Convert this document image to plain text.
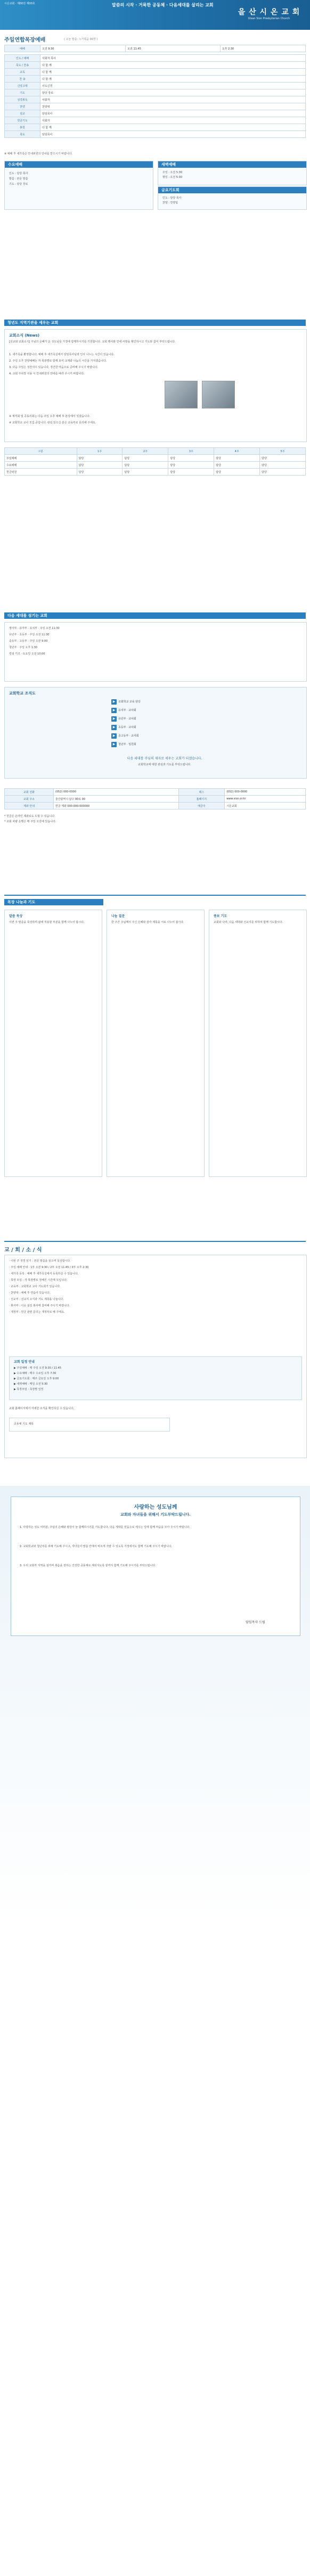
시온교회 · 제00권 제00호	말씀의 시작 · 거룩한 공동체 · 다음세대를 살리는 교회
을 산 시 온 교 회
Ulsan Sion Presbyterian Church
주일연합목장예배	( 오늘 말씀: 누가복음 00장 )
예배	오전 9:30	오전 11:45	오후 2:30
인도 / 예배	사회자 목사
묵도 / 찬송	다 함 께
교독	다 함 께
찬 송	다 함 께
신앙고백	사도신경
기도	담당 장로
성경봉독	사회자
찬양	찬양대
설교	담임목사
헌금기도	사회자
봉헌	다 함 께
축도	담임목사
※ 예배 후 새가족은 안내위원의 안내를 받으시기 바랍니다.
수요예배
인도 : 담당 목사
말씀 : 본문 말씀
기도 : 담당 장로
새벽예배
주일 : 오전 5:30
평일 : 오전 5:30
금요기도회
인도 : 담당 목사
찬양 : 찬양팀
청년도 지역기관을 세우는 교회
교회소식 (News)
[선교와 교회소식] 주님의 은혜가 온 성도님들 가정에 함께하시기를 기원합니다. 교회 행사와 안내 사항을 확인하시고 기도와 참여 부탁드립니다.
1. 새가족을 환영합니다. 예배 후 새가족실에서 담임목사님과 인사 나누는 시간이 있습니다.
2. 주일 오후 찬양예배는 각 목장별로 함께 모여 교제와 나눔의 시간을 가지겠습니다.
3. 다음 주일은 성찬식이 있습니다. 경건한 마음으로 준비해 주시기 바랍니다.
4. 교회 주차장 이용 시 안내위원의 안내를 따라 주시기 바랍니다.
※ 제직회 및 공동의회는 다음 주일 오후 예배 후 본당에서 있겠습니다.
※ 교회학교 교사 모집 중입니다. 관심 있으신 분은 교육부로 문의해 주세요.
구분	1주	2주	3주	4주	5주
주일예배	담당	담당	담당	담당	담당
수요예배	담당	담당	담당	담당	담당
헌금위원	담당	담당	담당	담당	담당
다음 세대를 섬기는 교회
영아부 · 유아부 · 유치부 · 주일 오전 11:30
유년부 · 초등부 · 주일 오전 11:30
중등부 · 고등부 · 주일 오전 9:00
청년부 · 주일 오후 1:30
킹덤 키즈 · 토요일 오전 10:00
교회학교 조직도
▶ 교회학교 교육 담당
▶ 유치부 · 교사회
▶ 유년부 · 교사회
▶ 초등부 · 교사회
▶ 중고등부 · 교사회
▶ 청년부 · 임원회
다음 세대를 주님의 제자로 세우는 교회가 되겠습니다.
교회학교에 대한 관심과 기도를 부탁드립니다.
교회 전화	(052) 000-0000	팩스	(052) 000-0000
교회 주소	울산광역시 남구 00로 00	홈페이지	www.sion.or.kr
계좌 안내	헌금 계좌 000-000-000000	예금주	시온교회
* 헌금은 온라인 계좌로도 드릴 수 있습니다.
* 교회 차량 운행은 매 주일 오전에 있습니다.
목장 나눔과 기도
말씀 묵상
이번 주 말씀을 묵상하며 삶에 적용할 부분을 함께 나누어 봅시다.
나눔 질문
한 주간 주님께서 주신 은혜와 감사 제목을 서로 나누어 봅시다.
중보 기도
교회와 나라, 다음 세대와 선교지를 위하여 함께 기도합시다.
교 / 회 / 소 / 식
· 이번 주 성경 읽기 : 본문 말씀을 읽으며 묵상합시다.
· 주일 예배 안내 : 1부 오전 9:30 / 2부 오전 11:45 / 3부 오후 2:30
· 새가족 등록 : 예배 후 새가족실에서 등록하실 수 있습니다.
· 목장 모임 : 각 목장별로 정해진 시간에 모입니다.
· 교육부 : 교회학교 교사 기도회가 있습니다.
· 찬양대 : 예배 후 연습이 있습니다.
· 선교부 : 선교지 소식과 기도 제목을 나눕니다.
· 봉사부 : 이웃 섬김 봉사에 참여해 주시기 바랍니다.
· 재정부 : 헌금 관련 문의는 재정부로 해 주세요.
교회 일정 안내
▶ 주일예배 : 매 주일 오전 9:30 / 11:45
▶ 수요예배 : 매주 수요일 오후 7:30
▶ 금요기도회 : 매주 금요일 오후 9:00
▶ 새벽예배 : 매일 오전 5:30
▶ 목장모임 : 목장별 일정
교회 홈페이지에서 자세한 소식을 확인하실 수 있습니다.
공동체 기도 제목
사랑하는 성도님께
교회와 자녀들을 위해서 기도부탁드립니다.
1. 사랑하는 성도 여러분, 주님의 은혜와 평강이 늘 함께하시기를 기도합니다. 다음 세대를 믿음으로 세우는 일에 함께 마음을 모아 주시기 바랍니다.
2. 교회학교와 청년부를 위해 기도해 주시고, 자녀들이 말씀 안에서 바르게 자랄 수 있도록 가정에서도 함께 기도해 주시기 바랍니다.
3. 우리 교회가 지역을 섬기며 복음을 전하는 건강한 공동체로 세워지도록 끝까지 함께 기도해 주시기를 부탁드립니다.
담임목사 드림
